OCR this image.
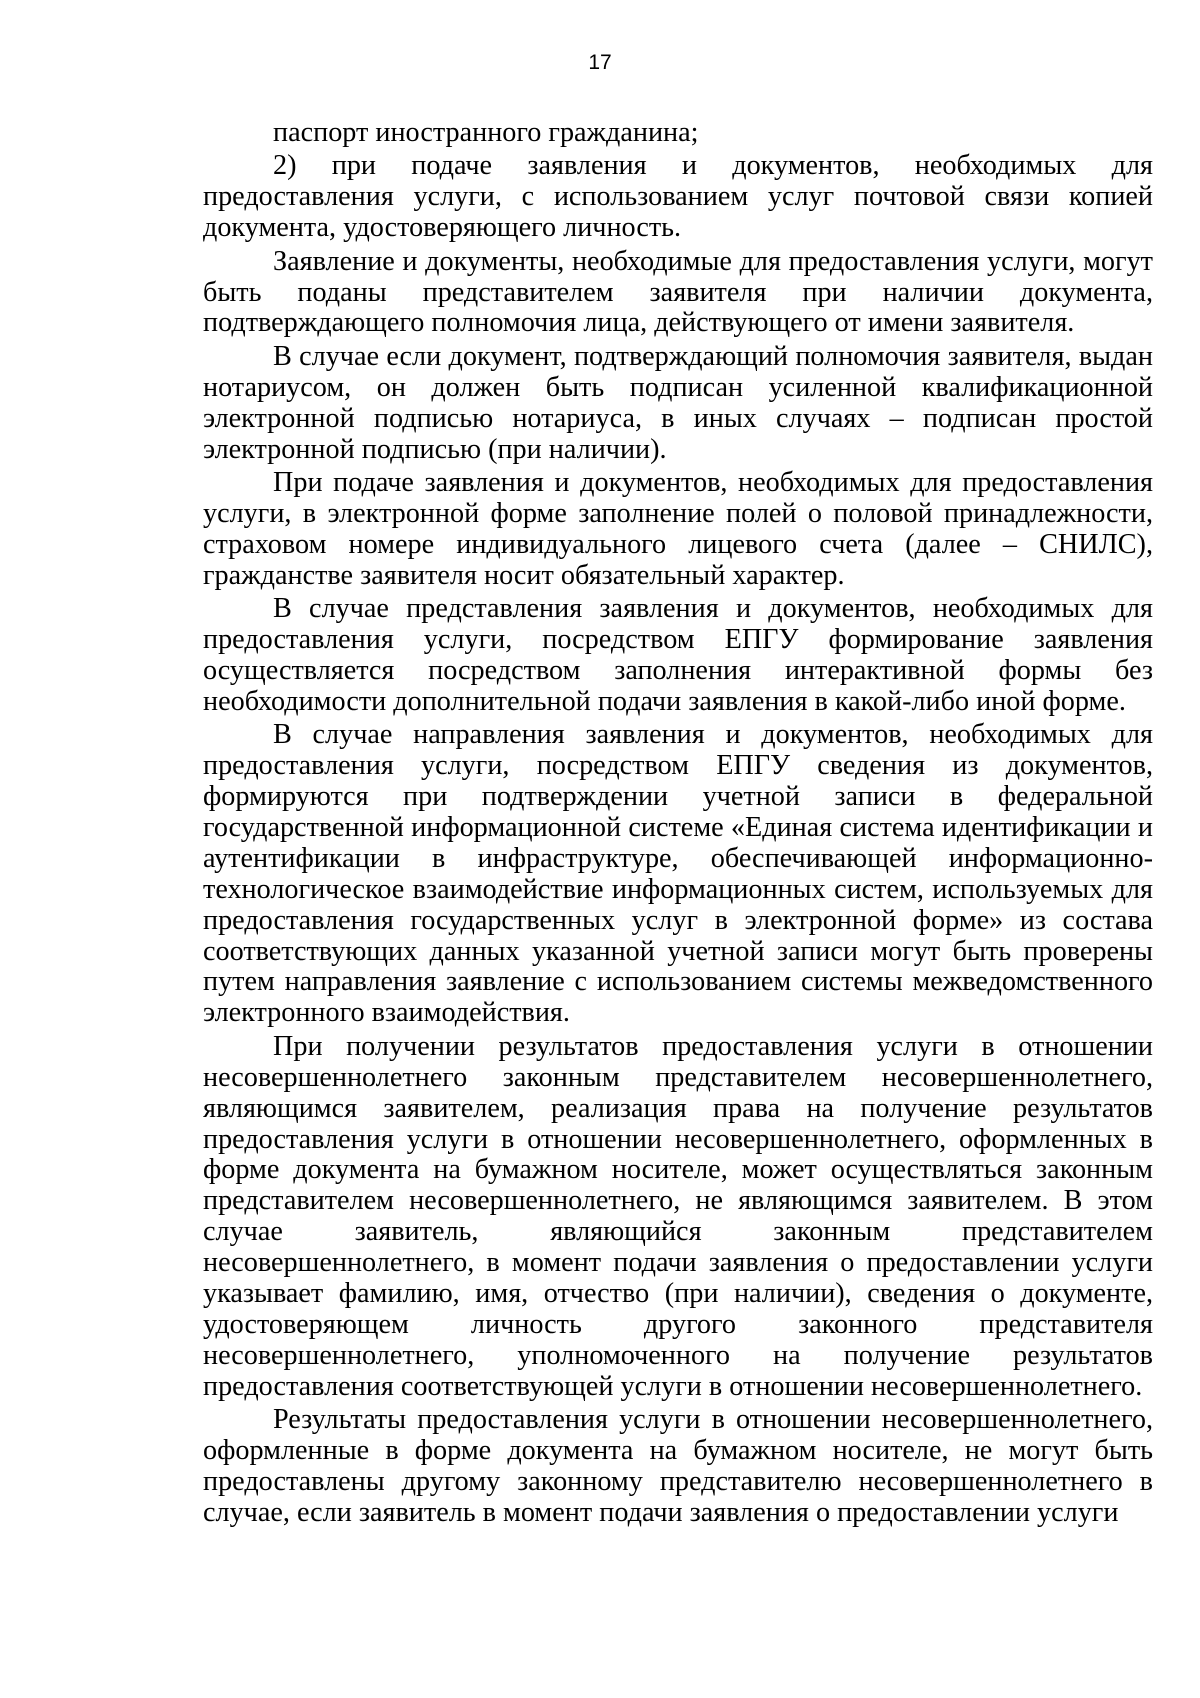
17

паспорт иностранного гражданина;

2) при подаче заявления и документов, необходимых для предоставления услуги, с использованием услуг почтовой связи копией документа, удостоверяющего личность.

Заявление и документы, необходимые для предоставления услуги, могут быть поданы представителем заявителя при наличии документа, подтверждающего полномочия лица, действующего от имени заявителя.

В случае если документ, подтверждающий полномочия заявителя, выдан нотариусом, он должен быть подписан усиленной квалификационной электронной подписью нотариуса, в иных случаях – подписан простой электронной подписью (при наличии).

При подаче заявления и документов, необходимых для предоставления услуги, в электронной форме заполнение полей о половой принадлежности, страховом номере индивидуального лицевого счета (далее – СНИЛС), гражданстве заявителя носит обязательный характер.

В случае представления заявления и документов, необходимых для предоставления услуги, посредством ЕПГУ формирование заявления осуществляется посредством заполнения интерактивной формы без необходимости дополнительной подачи заявления в какой-либо иной форме.

В случае направления заявления и документов, необходимых для предоставления услуги, посредством ЕПГУ сведения из документов, формируются при подтверждении учетной записи в федеральной государственной информационной системе «Единая система идентификации и аутентификации в инфраструктуре, обеспечивающей информационно-технологическое взаимодействие информационных систем, используемых для предоставления государственных услуг в электронной форме» из состава соответствующих данных указанной учетной записи могут быть проверены путем направления заявление с использованием системы межведомственного электронного взаимодействия.

При получении результатов предоставления услуги в отношении несовершеннолетнего законным представителем несовершеннолетнего, являющимся заявителем, реализация права на получение результатов предоставления услуги в отношении несовершеннолетнего, оформленных в форме документа на бумажном носителе, может осуществляться законным представителем несовершеннолетнего, не являющимся заявителем. В этом случае заявитель, являющийся законным представителем несовершеннолетнего, в момент подачи заявления о предоставлении услуги указывает фамилию, имя, отчество (при наличии), сведения о документе, удостоверяющем личность другого законного представителя несовершеннолетнего, уполномоченного на получение результатов предоставления соответствующей услуги в отношении несовершеннолетнего.

Результаты предоставления услуги в отношении несовершеннолетнего, оформленные в форме документа на бумажном носителе, не могут быть предоставлены другому законному представителю несовершеннолетнего в случае, если заявитель в момент подачи заявления о предоставлении услуги
